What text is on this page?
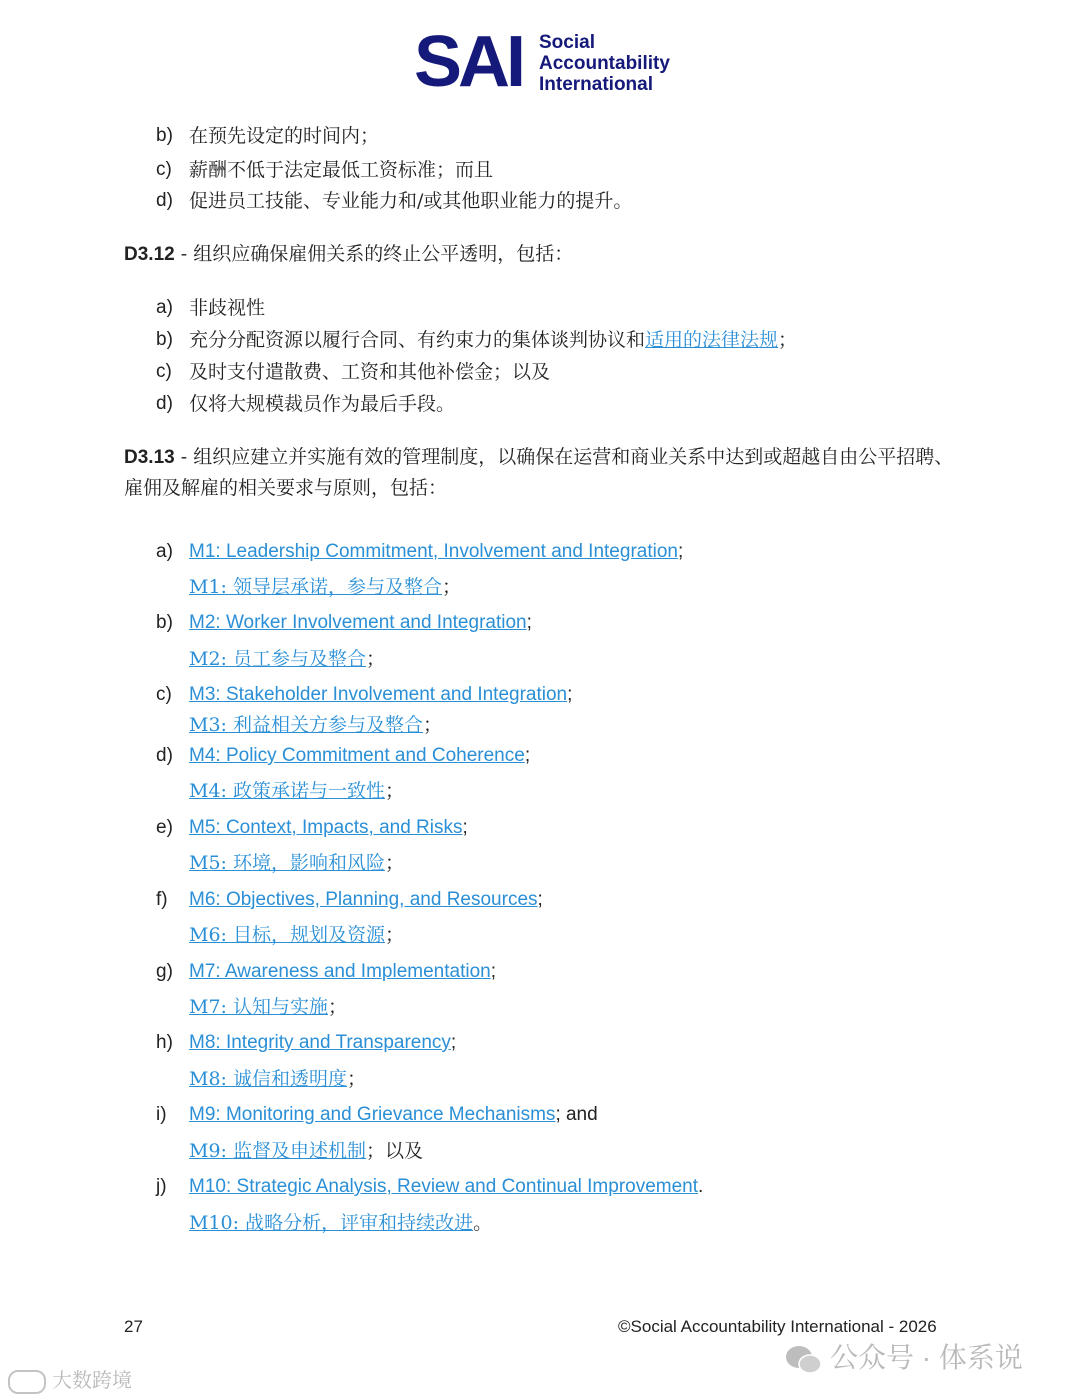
SAI Social
Accountability
International
b) 在预先设定的时间内；
c) 薪酬不低于法定最低工资标准；而且
d) 促进员工技能、专业能力和/或其他职业能力的提升。
D3.12 - 组织应确保雇佣关系的终止公平透明，包括：
a) 非歧视性
b) 充分分配资源以履行合同、有约束力的集体谈判协议和适用的法律法规；
c) 及时支付遣散费、工资和其他补偿金；以及
d) 仅将大规模裁员作为最后手段。
D3.13 - 组织应建立并实施有效的管理制度，以确保在运营和商业关系中达到或超越自由公平招聘、雇佣及解雇的相关要求与原则，包括：
a) M1: Leadership Commitment, Involvement and Integration;
M1: 领导层承诺，参与及整合；
b) M2: Worker Involvement and Integration;
M2: 员工参与及整合；
c) M3: Stakeholder Involvement and Integration;
M3: 利益相关方参与及整合；
d) M4: Policy Commitment and Coherence;
M4: 政策承诺与一致性；
e) M5: Context, Impacts, and Risks;
M5: 环境，影响和风险；
f) M6: Objectives, Planning, and Resources;
M6: 目标，规划及资源；
g) M7: Awareness and Implementation;
M7: 认知与实施；
h) M8: Integrity and Transparency;
M8: 诚信和透明度；
i) M9: Monitoring and Grievance Mechanisms; and
M9: 监督及申述机制；以及
j) M10: Strategic Analysis, Review and Continual Improvement.
M10: 战略分析，评审和持续改进。
27	©Social Accountability International - 2026
大数跨境
公众号 · 体系说
